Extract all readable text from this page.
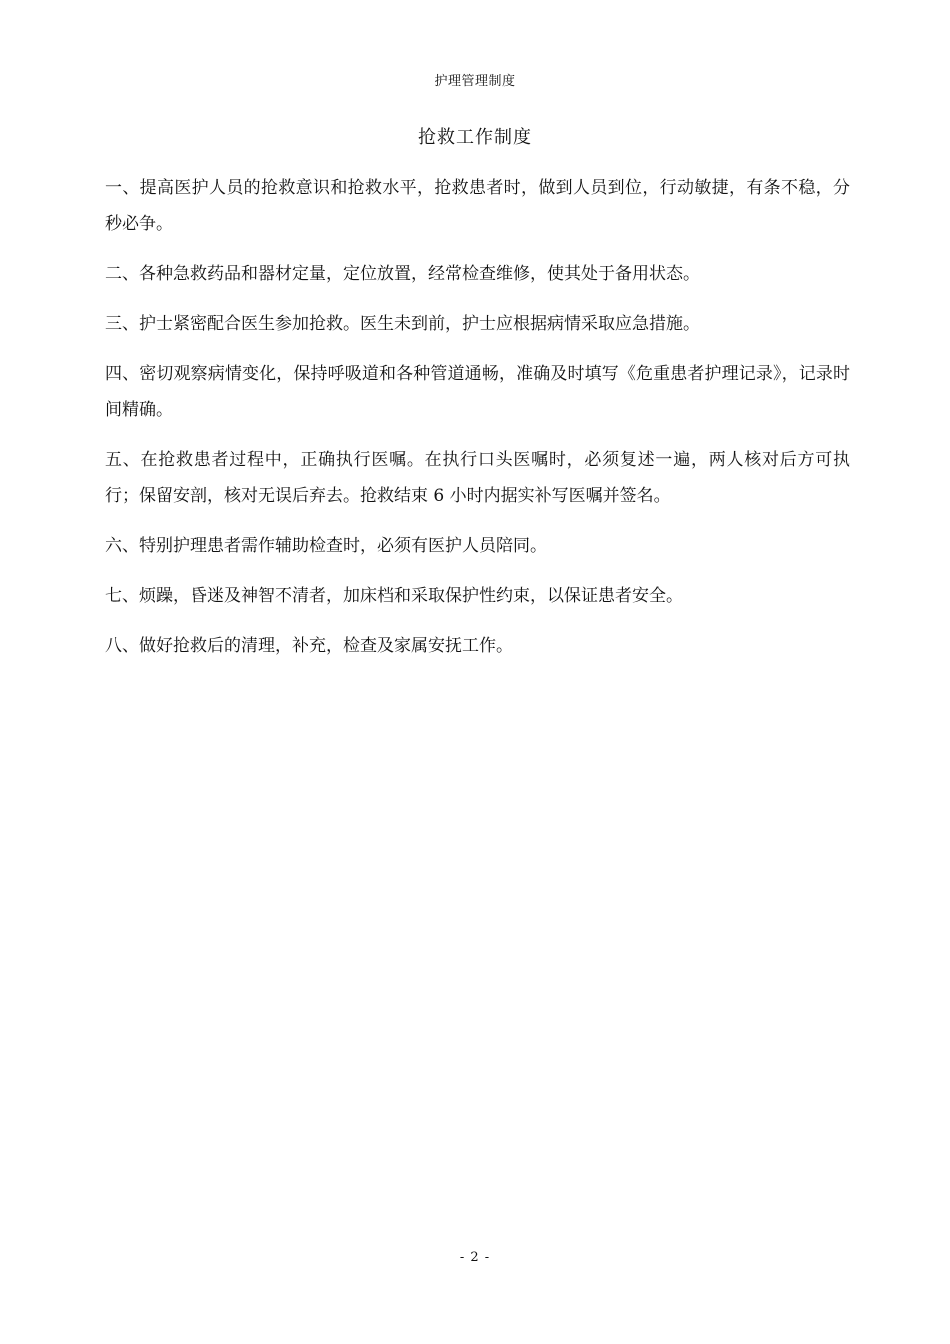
护理管理制度
抢救工作制度

一、提高医护人员的抢救意识和抢救水平，抢救患者时，做到人员到位，行动敏捷，有条不稳，分秒必争。

二、各种急救药品和器材定量，定位放置，经常检查维修，使其处于备用状态。

三、护士紧密配合医生参加抢救。医生未到前，护士应根据病情采取应急措施。

四、密切观察病情变化，保持呼吸道和各种管道通畅，准确及时填写《危重患者护理记录》，记录时间精确。

五、在抢救患者过程中，正确执行医嘱。在执行口头医嘱时，必须复述一遍，两人核对后方可执行；保留安剖，核对无误后弃去。抢救结束 6 小时内据实补写医嘱并签名。

六、特别护理患者需作辅助检查时，必须有医护人员陪同。

七、烦躁，昏迷及神智不清者，加床档和采取保护性约束，以保证患者安全。

八、做好抢救后的清理，补充，检查及家属安抚工作。

- 2 -
